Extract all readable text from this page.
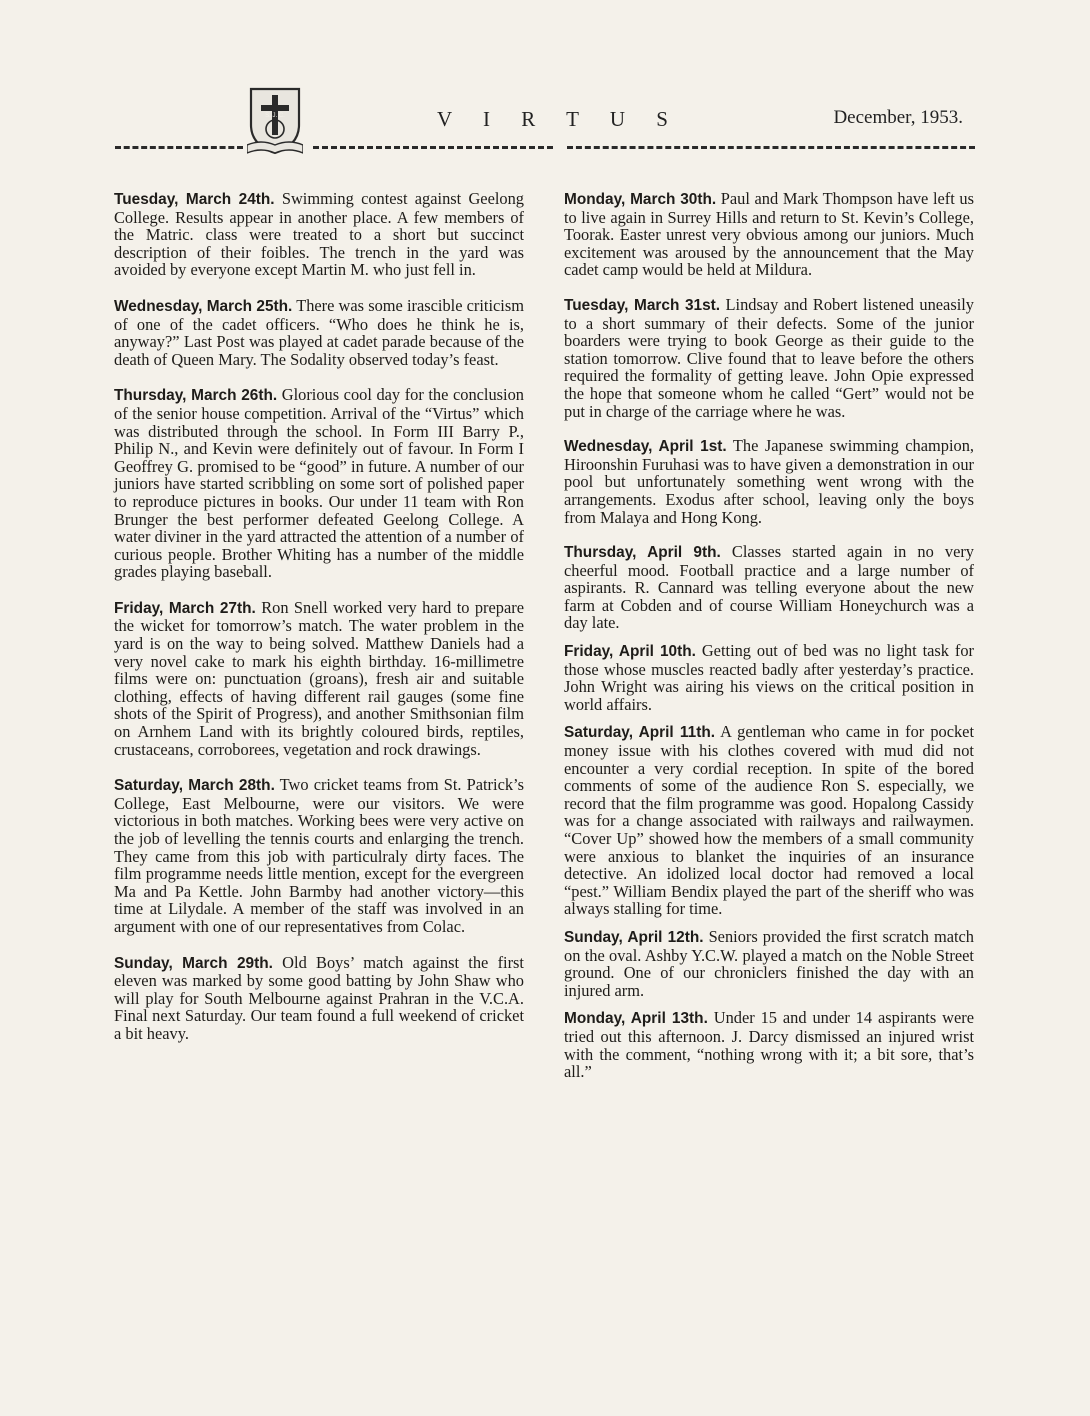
S. J. C.	V I R T U S	December, 1953.

Tuesday, March 24th. Swimming contest against Geelong College. Results appear in another place. A few members of the Matric. class were treated to a short but succinct description of their foibles. The trench in the yard was avoided by everyone except Martin M. who just fell in.

Wednesday, March 25th. There was some irascible criticism of one of the cadet officers. “Who does he think he is, anyway?” Last Post was played at cadet parade because of the death of Queen Mary. The Sodality observed today’s feast.

Thursday, March 26th. Glorious cool day for the conclusion of the senior house competition. Arrival of the “Virtus” which was distributed through the school. In Form III Barry P., Philip N., and Kevin were definitely out of favour. In Form I Geoffrey G. promised to be “good” in future. A number of our juniors have started scribbling on some sort of polished paper to reproduce pictures in books. Our under 11 team with Ron Brunger the best performer defeated Geelong College. A water diviner in the yard attracted the attention of a number of curious people. Brother Whiting has a number of the middle grades playing baseball.

Friday, March 27th. Ron Snell worked very hard to prepare the wicket for tomorrow’s match. The water problem in the yard is on the way to being solved. Matthew Daniels had a very novel cake to mark his eighth birthday. 16-millimetre films were on: punctuation (groans), fresh air and suitable clothing, effects of having different rail gauges (some fine shots of the Spirit of Progress), and another Smithsonian film on Arnhem Land with its brightly coloured birds, reptiles, crustaceans, corroborees, vegetation and rock drawings.

Saturday, March 28th. Two cricket teams from St. Patrick’s College, East Melbourne, were our visitors. We were victorious in both matches. Working bees were very active on the job of levelling the tennis courts and enlarging the trench. They came from this job with particulraly dirty faces. The film programme needs little mention, except for the evergreen Ma and Pa Kettle. John Barmby had another victory—this time at Lilydale. A member of the staff was involved in an argument with one of our representatives from Colac.

Sunday, March 29th. Old Boys’ match against the first eleven was marked by some good batting by John Shaw who will play for South Melbourne against Prahran in the V.C.A. Final next Saturday. Our team found a full weekend of cricket a bit heavy.

Monday, March 30th. Paul and Mark Thompson have left us to live again in Surrey Hills and return to St. Kevin’s College, Toorak. Easter unrest very obvious among our juniors. Much excitement was aroused by the announcement that the May cadet camp would be held at Mildura.

Tuesday, March 31st. Lindsay and Robert listened uneasily to a short summary of their defects. Some of the junior boarders were trying to book George as their guide to the station tomorrow. Clive found that to leave before the others required the formality of getting leave. John Opie expressed the hope that someone whom he called “Gert” would not be put in charge of the carriage where he was.

Wednesday, April 1st. The Japanese swimming champion, Hiroonshin Furuhasi was to have given a demonstration in our pool but unfortunately something went wrong with the arrangements. Exodus after school, leaving only the boys from Malaya and Hong Kong.

Thursday, April 9th. Classes started again in no very cheerful mood. Football practice and a large number of aspirants. R. Cannard was telling everyone about the new farm at Cobden and of course William Honeychurch was a day late.

Friday, April 10th. Getting out of bed was no light task for those whose muscles reacted badly after yesterday’s practice. John Wright was airing his views on the critical position in world affairs.

Saturday, April 11th. A gentleman who came in for pocket money issue with his clothes covered with mud did not encounter a very cordial reception. In spite of the bored comments of some of the audience Ron S. especially, we record that the film programme was good. Hopalong Cassidy was for a change associated with railways and railwaymen. “Cover Up” showed how the members of a small community were anxious to blanket the inquiries of an insurance detective. An idolized local doctor had removed a local “pest.” William Bendix played the part of the sheriff who was always stalling for time.

Sunday, April 12th. Seniors provided the first scratch match on the oval. Ashby Y.C.W. played a match on the Noble Street ground. One of our chroniclers finished the day with an injured arm.

Monday, April 13th. Under 15 and under 14 aspirants were tried out this afternoon. J. Darcy dismissed an injured wrist with the comment, “nothing wrong with it; a bit sore, that’s all.”
